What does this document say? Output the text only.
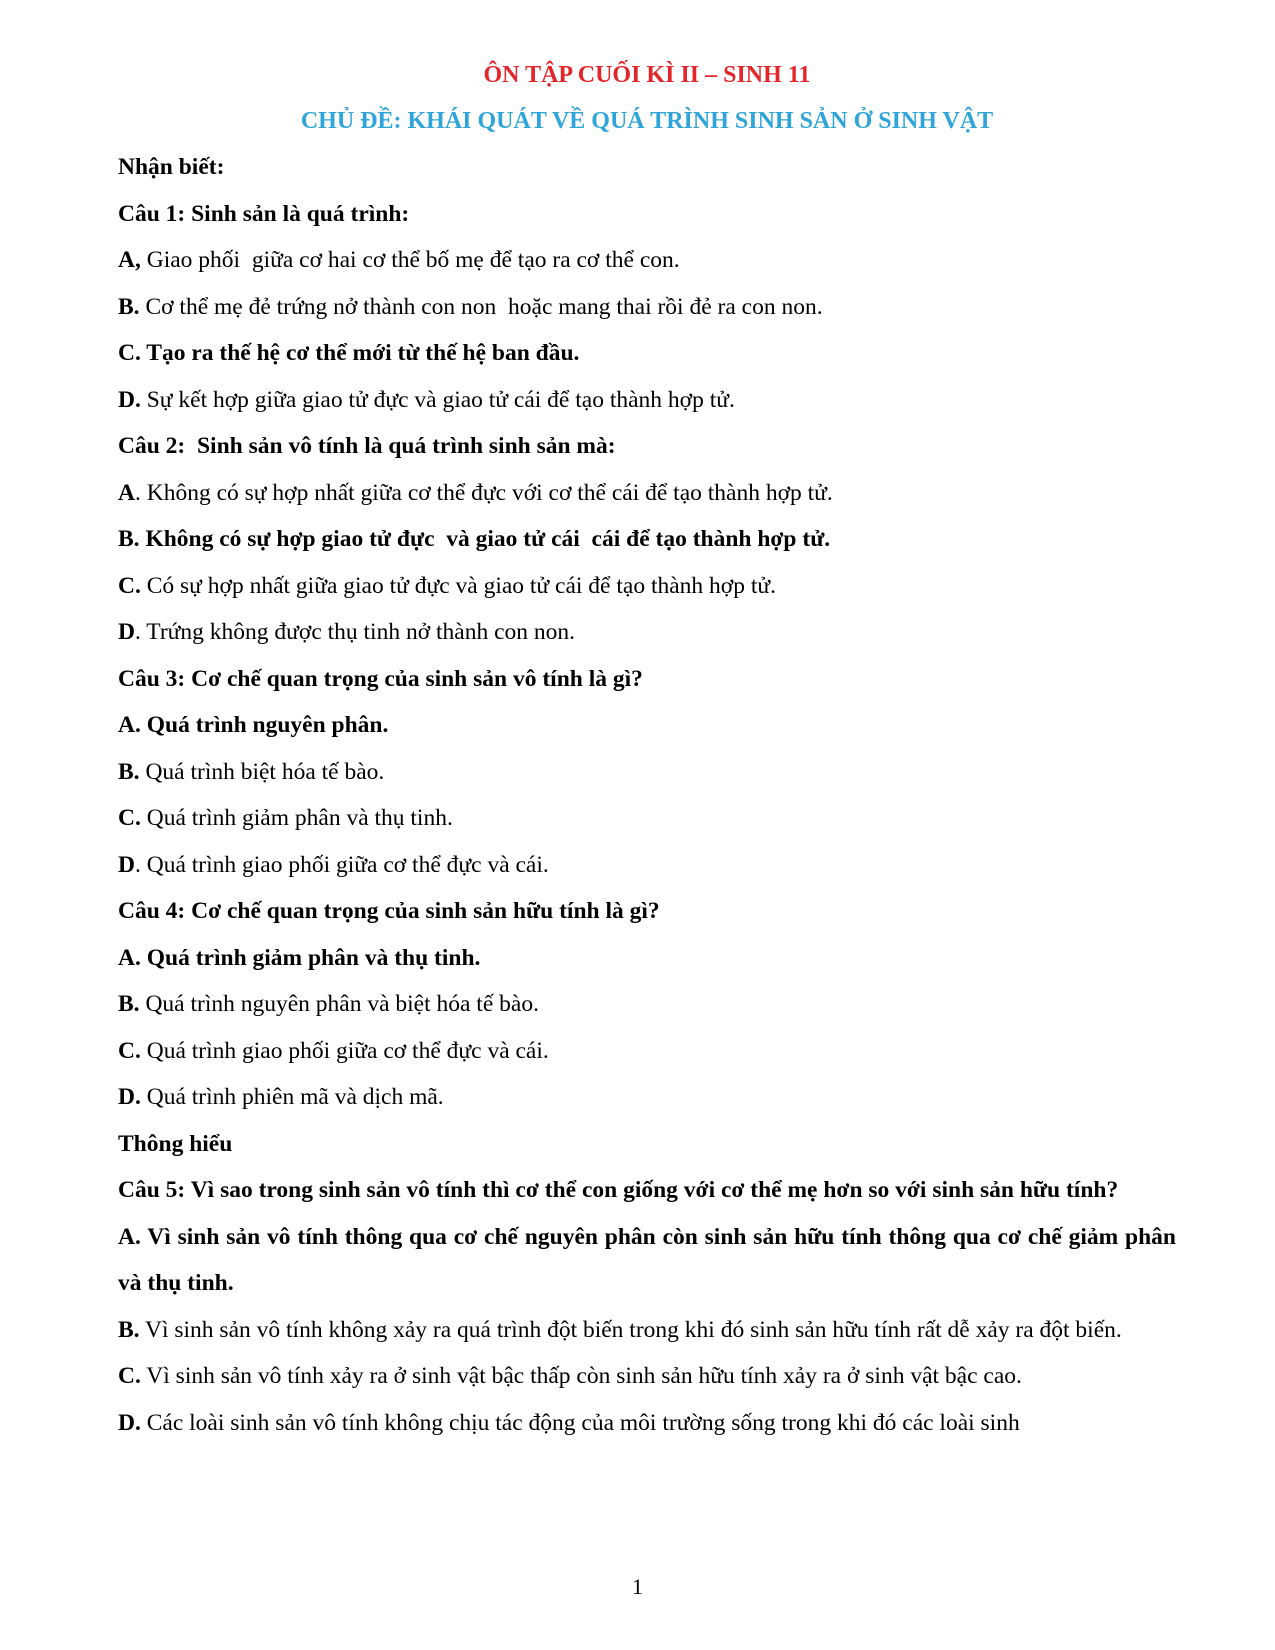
ÔN TẬP CUỐI KÌ II – SINH 11
CHỦ ĐỀ: KHÁI QUÁT VỀ QUÁ TRÌNH SINH SẢN Ở SINH VẬT
Nhận biết:
Câu 1: Sinh sản là quá trình:
A, Giao phối  giữa cơ hai cơ thể bố mẹ để tạo ra cơ thể con.
B. Cơ thể mẹ đẻ trứng nở thành con non  hoặc mang thai rồi đẻ ra con non.
C. Tạo ra thế hệ cơ thể mới từ thế hệ ban đầu.
D. Sự kết hợp giữa giao tử đực và giao tử cái để tạo thành hợp tử.
Câu 2:  Sinh sản vô tính là quá trình sinh sản mà:
A. Không có sự hợp nhất giữa cơ thể đực với cơ thể cái để tạo thành hợp tử.
B. Không có sự hợp giao tử đực  và giao tử cái  cái để tạo thành hợp tử.
C. Có sự hợp nhất giữa giao tử đực và giao tử cái để tạo thành hợp tử.
D. Trứng không được thụ tinh nở thành con non.
Câu 3: Cơ chế quan trọng của sinh sản vô tính là gì?
A. Quá trình nguyên phân.
B. Quá trình biệt hóa tế bào.
C. Quá trình giảm phân và thụ tinh.
D. Quá trình giao phối giữa cơ thể đực và cái.
Câu 4: Cơ chế quan trọng của sinh sản hữu tính là gì?
A. Quá trình giảm phân và thụ tinh.
B. Quá trình nguyên phân và biệt hóa tế bào.
C. Quá trình giao phối giữa cơ thể đực và cái.
D. Quá trình phiên mã và dịch mã.
Thông hiểu
Câu 5: Vì sao trong sinh sản vô tính thì cơ thể con giống với cơ thể mẹ hơn so với sinh sản hữu tính?
A. Vì sinh sản vô tính thông qua cơ chế nguyên phân còn sinh sản hữu tính thông qua cơ chế giảm phân và thụ tinh.
B. Vì sinh sản vô tính không xảy ra quá trình đột biến trong khi đó sinh sản hữu tính rất dễ xảy ra đột biến.
C. Vì sinh sản vô tính xảy ra ở sinh vật bậc thấp còn sinh sản hữu tính xảy ra ở sinh vật bậc cao.
D. Các loài sinh sản vô tính không chịu tác động của môi trường sống trong khi đó các loài sinh
1
